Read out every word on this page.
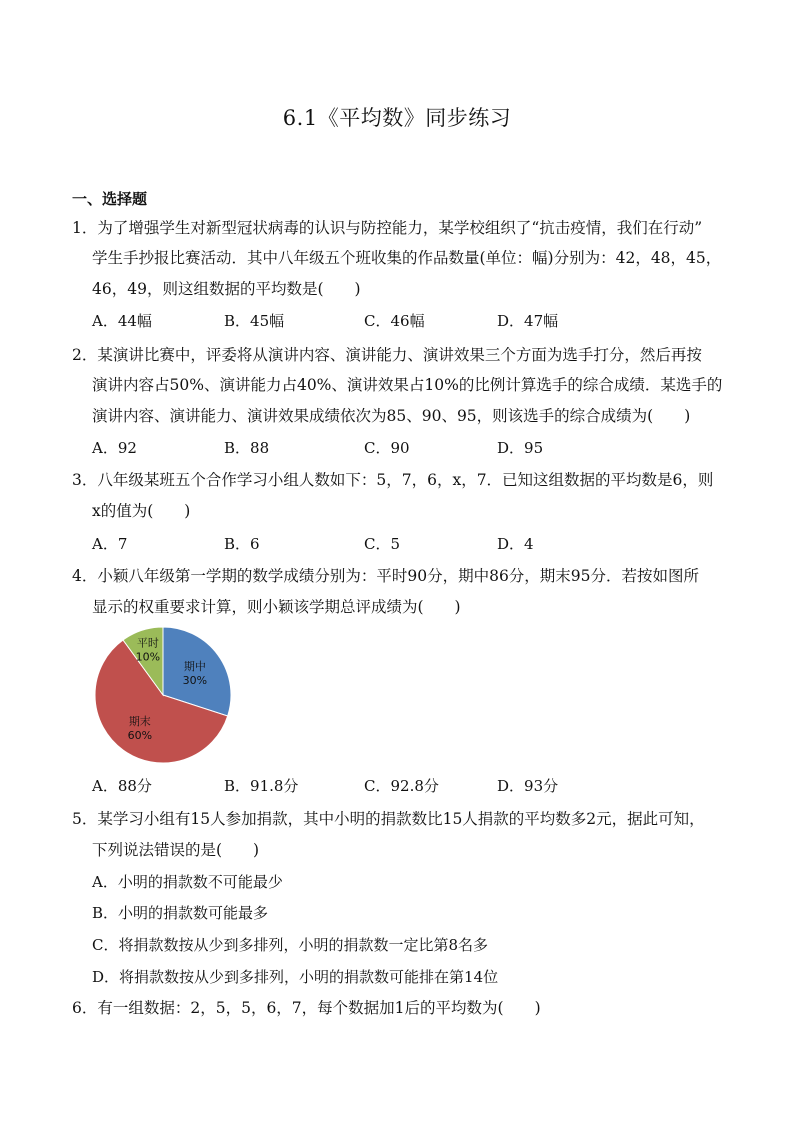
6.1《平均数》同步练习
一、选择题
1．为了增强学生对新型冠状病毒的认识与防控能力，某学校组织了“抗击疫情，我们在行动”
学生手抄报比赛活动．其中八年级五个班收集的作品数量(单位：幅)分别为：42，48，45，
46，49，则这组数据的平均数是(　　)
A．44幅	B．45幅	C．46幅	D．47幅
2．某演讲比赛中，评委将从演讲内容、演讲能力、演讲效果三个方面为选手打分，然后再按
演讲内容占50%、演讲能力占40%、演讲效果占10%的比例计算选手的综合成绩．某选手的
演讲内容、演讲能力、演讲效果成绩依次为85、90、95，则该选手的综合成绩为(　　)
A．92	B．88	C．90	D．95
3．八年级某班五个合作学习小组人数如下：5，7，6，x，7．已知这组数据的平均数是6，则
x的值为(　　)
A．7	B．6	C．5	D．4
4．小颖八年级第一学期的数学成绩分别为：平时90分，期中86分，期末95分．若按如图所
显示的权重要求计算，则小颖该学期总评成绩为(　　)
期中
30%
期末
60%
平时
10%
A．88分	B．91.8分	C．92.8分	D．93分
5．某学习小组有15人参加捐款，其中小明的捐款数比15人捐款的平均数多2元，据此可知，
下列说法错误的是(　　)
A．小明的捐款数不可能最少
B．小明的捐款数可能最多
C．将捐款数按从少到多排列，小明的捐款数一定比第8名多
D．将捐款数按从少到多排列，小明的捐款数可能排在第14位
6．有一组数据：2，5，5，6，7，每个数据加1后的平均数为(　　)
